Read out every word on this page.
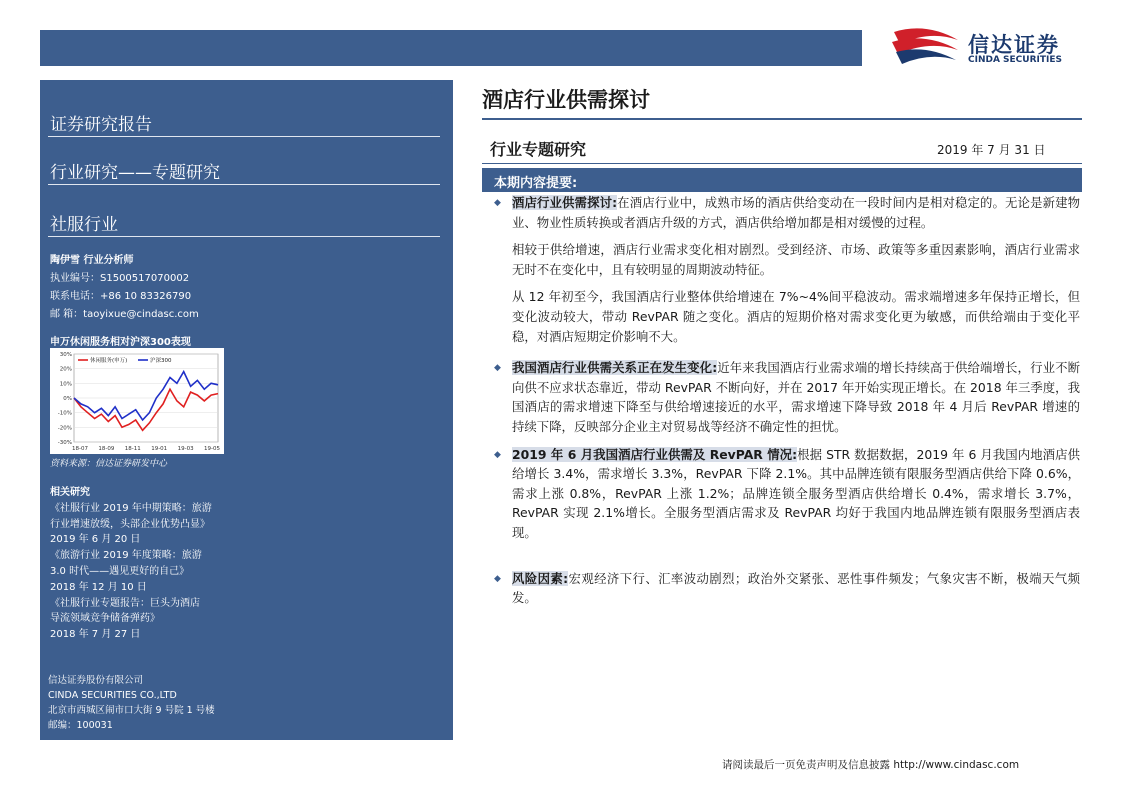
信达证券
CINDA SECURITIES
证券研究报告
行业研究——专题研究
社服行业
陶伊雪 行业分析师
执业编号：S1500517070002
联系电话：+86 10 83326790
邮 箱：taoyixue@cindasc.com
申万休闲服务相对沪深300表现
30%
20%
10%
0%
-10%
-20%
-30%
18-07 18-09 18-11 19-01 19-03 19-05
休闲服务(申万)	沪深300
资料来源：信达证券研发中心
相关研究
《社服行业 2019 年中期策略：旅游
行业增速放缓，头部企业优势凸显》
2019 年 6 月 20 日
《旅游行业 2019 年度策略：旅游
3.0 时代——遇见更好的自己》
2018 年 12 月 10 日
《社服行业专题报告：巨头为酒店
导流领域竞争储备弹药》
2018 年 7 月 27 日
信达证券股份有限公司
CINDA SECURITIES CO.,LTD
北京市西城区闹市口大街 9 号院 1 号楼
邮编：100031
酒店行业供需探讨
行业专题研究	2019 年 7 月 31 日
本期内容提要:
◆ 酒店行业供需探讨:在酒店行业中，成熟市场的酒店供给变动在一段时间内是相对稳定的。无论是新建物业、物业性质转换或者酒店升级的方式，酒店供给增加都是相对缓慢的过程。
相较于供给增速，酒店行业需求变化相对剧烈。受到经济、市场、政策等多重因素影响，酒店行业需求无时不在变化中，且有较明显的周期波动特征。
从 12 年初至今，我国酒店行业整体供给增速在 7%~4%间平稳波动。需求端增速多年保持正增长，但变化波动较大，带动 RevPAR 随之变化。酒店的短期价格对需求变化更为敏感，而供给端由于变化平稳，对酒店短期定价影响不大。
◆ 我国酒店行业供需关系正在发生变化:近年来我国酒店行业需求端的增长持续高于供给端增长，行业不断向供不应求状态靠近，带动 RevPAR 不断向好，并在 2017 年开始实现正增长。在 2018 年三季度，我国酒店的需求增速下降至与供给增速接近的水平，需求增速下降导致 2018 年 4 月后 RevPAR 增速的持续下降，反映部分企业主对贸易战等经济不确定性的担忧。
◆ 2019 年 6 月我国酒店行业供需及 RevPAR 情况:根据 STR 数据数据，2019 年 6 月我国内地酒店供给增长 3.4%，需求增长 3.3%，RevPAR 下降 2.1%。其中品牌连锁有限服务型酒店供给下降 0.6%，需求上涨 0.8%，RevPAR 上涨 1.2%；品牌连锁全服务型酒店供给增长 0.4%，需求增长 3.7%，RevPAR 实现 2.1%增长。全服务型酒店需求及 RevPAR 均好于我国内地品牌连锁有限服务型酒店表现。
◆ 风险因素:宏观经济下行、汇率波动剧烈；政治外交紧张、恶性事件频发；气象灾害不断，极端天气频发。
请阅读最后一页免责声明及信息披露 http://www.cindasc.com
